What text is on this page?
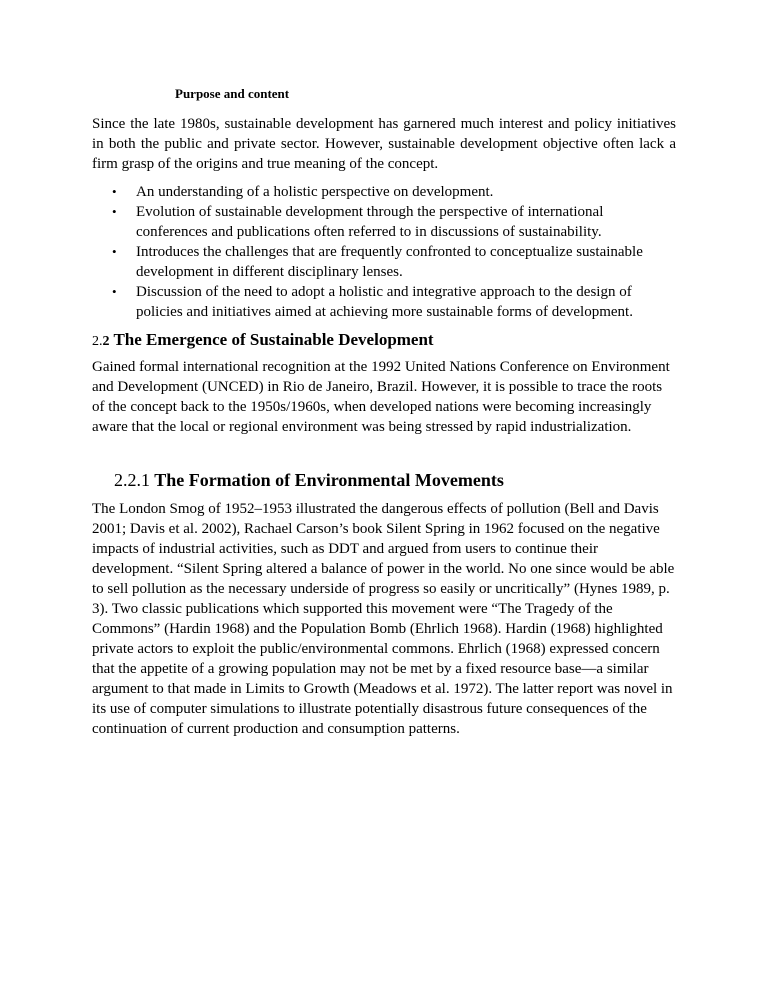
Purpose and content
Since the late 1980s, sustainable development has garnered much interest and policy initiatives in both the public and private sector. However, sustainable development objective often lack a firm grasp of the origins and true meaning of the concept.
• An understanding of a holistic perspective on development.
• Evolution of sustainable development through the perspective of international conferences and publications often referred to in discussions of sustainability.
• Introduces the challenges that are frequently confronted to conceptualize sustainable development in different disciplinary lenses.
• Discussion of the need to adopt a holistic and integrative approach to the design of policies and initiatives aimed at achieving more sustainable forms of development.
2.2 The Emergence of Sustainable Development
Gained formal international recognition at the 1992 United Nations Conference on Environment and Development (UNCED) in Rio de Janeiro, Brazil. However, it is possible to trace the roots of the concept back to the 1950s/1960s, when developed nations were becoming increasingly aware that the local or regional environment was being stressed by rapid industrialization.
2.2.1 The Formation of Environmental Movements
The London Smog of 1952–1953 illustrated the dangerous effects of pollution (Bell and Davis 2001; Davis et al. 2002), Rachael Carson’s book Silent Spring in 1962 focused on the negative impacts of industrial activities, such as DDT and argued from users to continue their development. “Silent Spring altered a balance of power in the world. No one since would be able to sell pollution as the necessary underside of progress so easily or uncritically” (Hynes 1989, p. 3). Two classic publications which supported this movement were “The Tragedy of the Commons” (Hardin 1968) and the Population Bomb (Ehrlich 1968). Hardin (1968) highlighted private actors to exploit the public/environmental commons. Ehrlich (1968) expressed concern that the appetite of a growing population may not be met by a fixed resource base—a similar argument to that made in Limits to Growth (Meadows et al. 1972). The latter report was novel in its use of computer simulations to illustrate potentially disastrous future consequences of the continuation of current production and consumption patterns.
